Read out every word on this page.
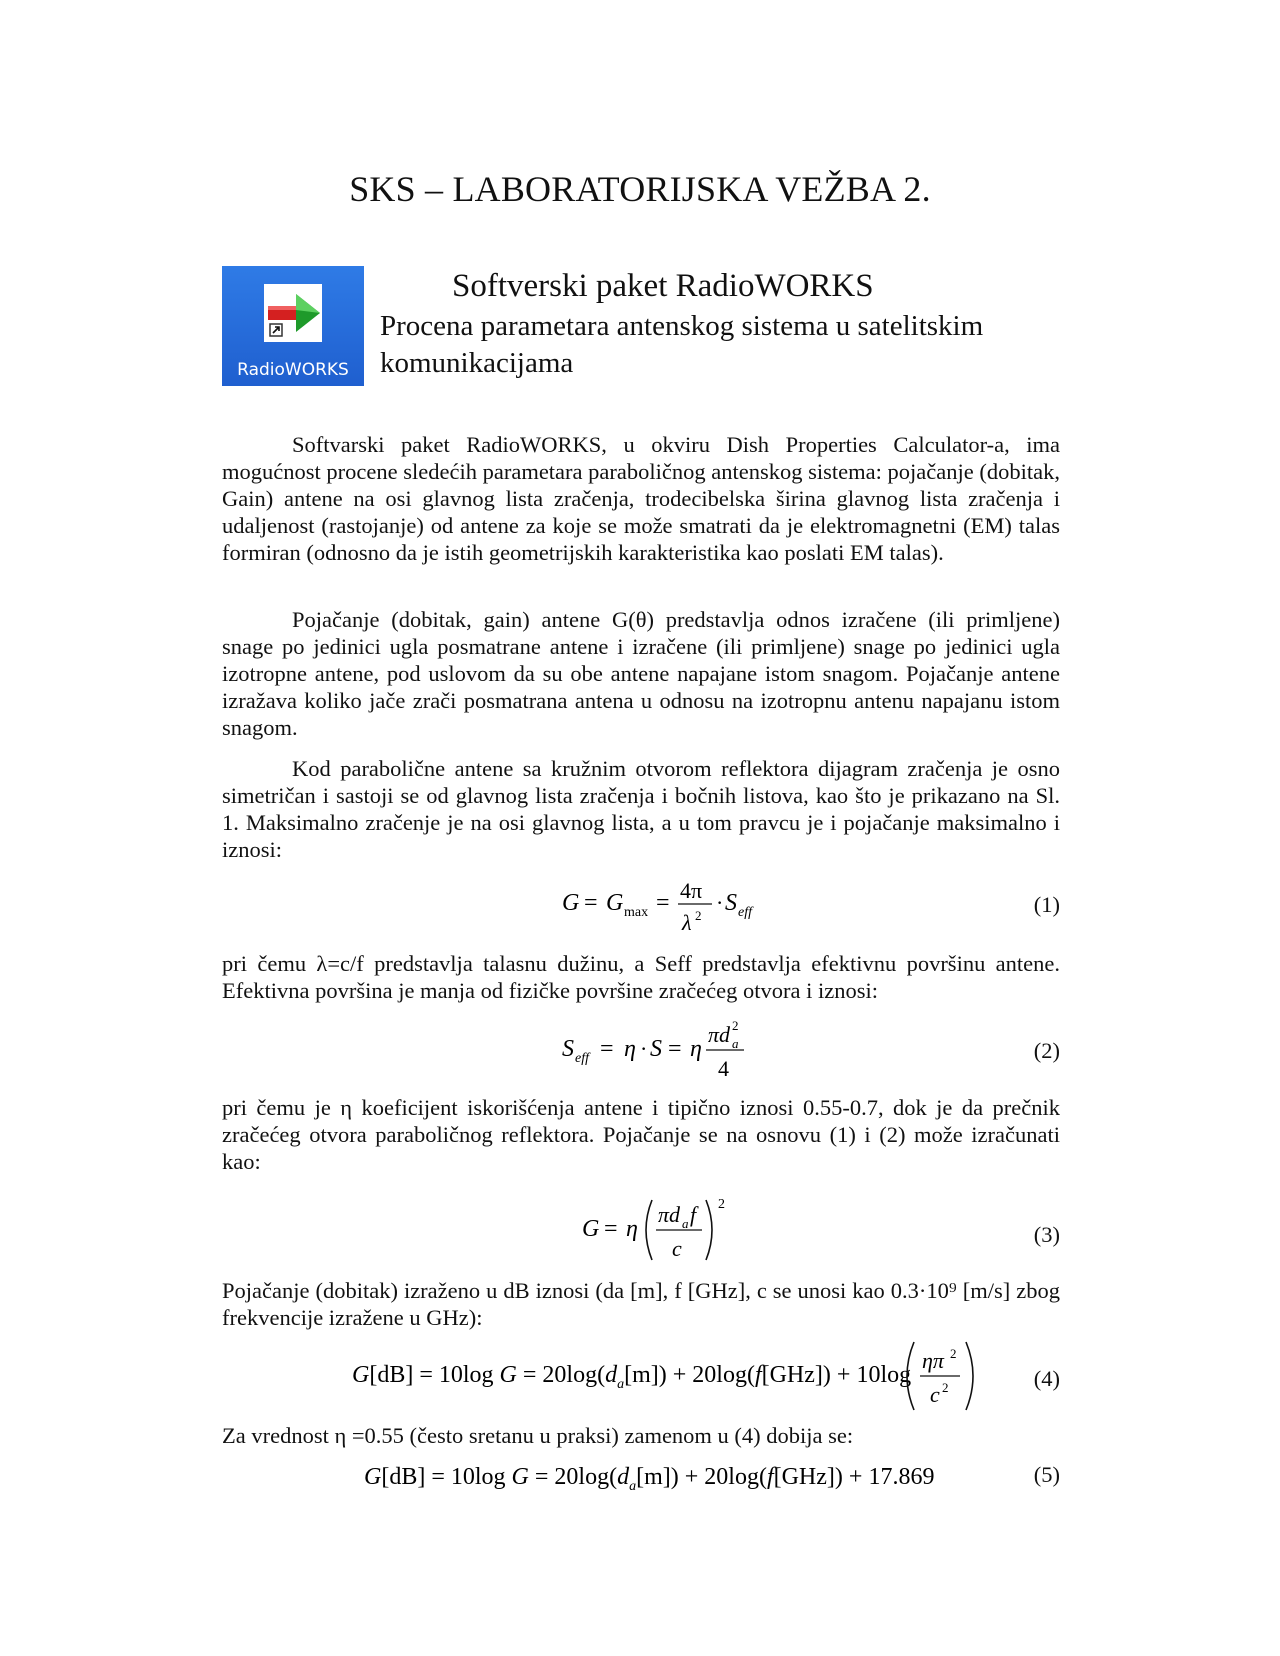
SKS – LABORATORIJSKA VEŽBA 2.
RadioWORKS
Softverski paket RadioWORKS
Procena parametara antenskog sistema u satelitskim komunikacijama

Softvarski paket RadioWORKS, u okviru Dish Properties Calculator-a, ima mogućnost procene sledećih parametara paraboličnog antenskog sistema: pojačanje (dobitak, Gain) antene na osi glavnog lista zračenja, trodecibelska širina glavnog lista zračenja i udaljenost (rastojanje) od antene za koje se može smatrati da je elektromagnetni (EM) talas formiran (odnosno da je istih geometrijskih karakteristika kao poslati EM talas).

Pojačanje (dobitak, gain) antene G(θ) predstavlja odnos izračene (ili primljene) snage po jedinici ugla posmatrane antene i izračene (ili primljene) snage po jedinici ugla izotropne antene, pod uslovom da su obe antene napajane istom snagom. Pojačanje antene izražava koliko jače zrači posmatrana antena u odnosu na izotropnu antenu napajanu istom snagom.

Kod parabolične antene sa kružnim otvorom reflektora dijagram zračenja je osno simetričan i sastoji se od glavnog lista zračenja i bočnih listova, kao što je prikazano na Sl. 1. Maksimalno zračenje je na osi glavnog lista, a u tom pravcu je i pojačanje maksimalno i iznosi:

G = G max = 4π
λ 2
· S eff	(1)

pri čemu λ=c/f predstavlja talasnu dužinu, a Seff predstavlja efektivnu površinu antene. Efektivna površina je manja od fizičke površine zračećeg otvora i iznosi:

S eff = η · S = η
πd a
2
4
(2)

pri čemu je η koeficijent iskorišćenja antene i tipično iznosi 0.55-0.7, dok je da prečnik zračećeg otvora paraboličnog reflektora. Pojačanje se na osnovu (1) i (2) može izračunati kao:

G = η
πd a f
c
2
(3)

Pojačanje (dobitak) izraženo u dB iznosi (da [m], f [GHz], c se unosi kao 0.3·10⁹ [m/s] zbog frekvencije izražene u GHz):

G[dB] = 10log $G = 20\log(d_a[m]) + 20\log(f[GHz]) + 10\log$
ηπ 2
c 2	(4)

Za vrednost η =0.55 (često sretanu u praksi) zamenom u (4) dobija se:

G[dB] = 10log $G = 20\log(d_a[m]) + 20\log(f[GHz]) + 17.869$	(5)
